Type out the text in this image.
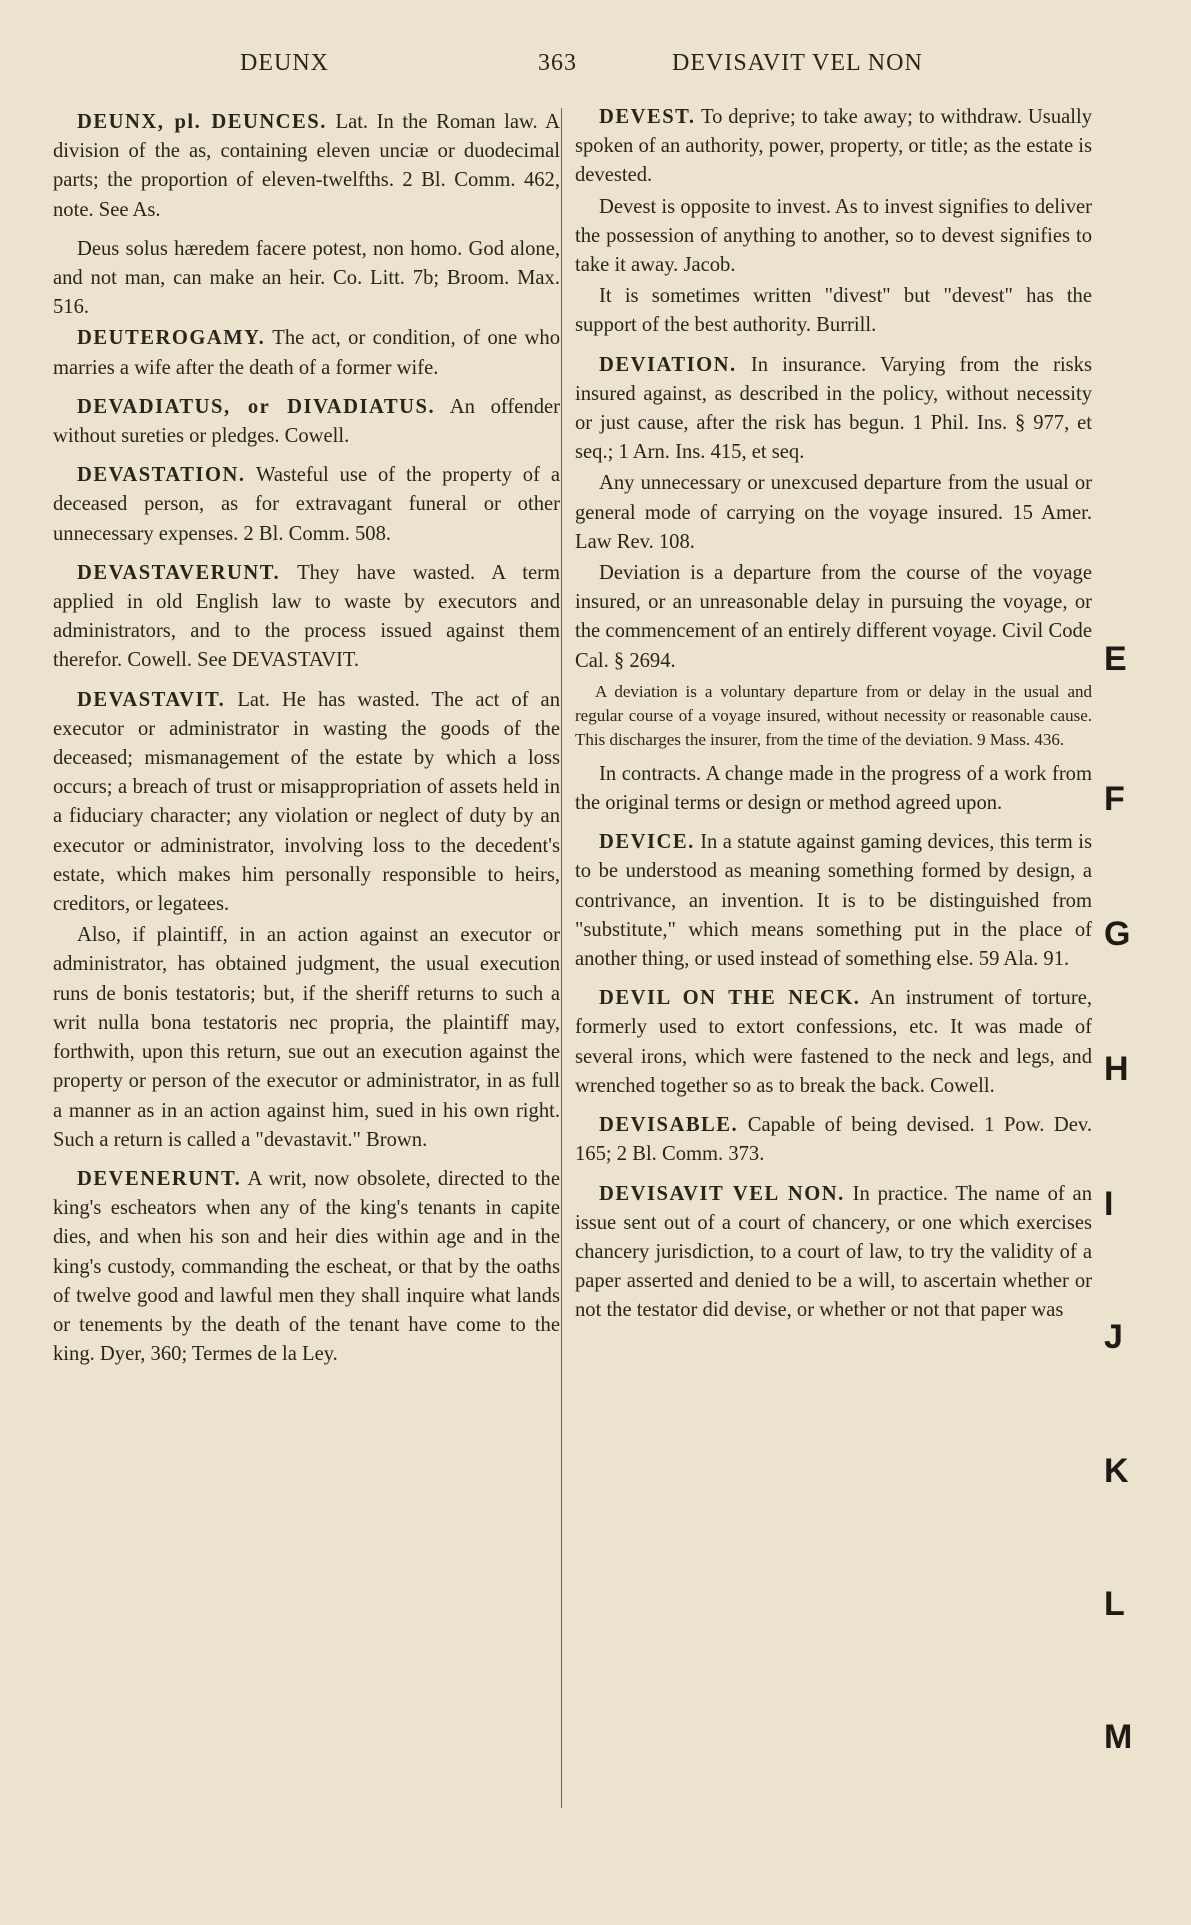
DEUNX	363	DEVISAVIT VEL NON

DEUNX, pl. DEUNCES. Lat. In the Roman law. A division of the as, containing eleven unciæ or duodecimal parts; the proportion of eleven-twelfths. 2 Bl. Comm. 462, note. See As.

Deus solus hæredem facere potest, non homo. God alone, and not man, can make an heir. Co. Litt. 7b; Broom. Max. 516.

DEUTEROGAMY. The act, or condition, of one who marries a wife after the death of a former wife.

DEVADIATUS, or DIVADIATUS. An offender without sureties or pledges. Cowell.

DEVASTATION. Wasteful use of the property of a deceased person, as for extravagant funeral or other unnecessary expenses. 2 Bl. Comm. 508.

DEVASTAVERUNT. They have wasted. A term applied in old English law to waste by executors and administrators, and to the process issued against them therefor. Cowell. See DEVASTAVIT.

DEVASTAVIT. Lat. He has wasted. The act of an executor or administrator in wasting the goods of the deceased; mismanagement of the estate by which a loss occurs; a breach of trust or misappropriation of assets held in a fiduciary character; any violation or neglect of duty by an executor or administrator, involving loss to the decedent's estate, which makes him personally responsible to heirs, creditors, or legatees.

Also, if plaintiff, in an action against an executor or administrator, has obtained judgment, the usual execution runs de bonis testatoris; but, if the sheriff returns to such a writ nulla bona testatoris nec propria, the plaintiff may, forthwith, upon this return, sue out an execution against the property or person of the executor or administrator, in as full a manner as in an action against him, sued in his own right. Such a return is called a "devastavit." Brown.

DEVENERUNT. A writ, now obsolete, directed to the king's escheators when any of the king's tenants in capite dies, and when his son and heir dies within age and in the king's custody, commanding the escheat, or that by the oaths of twelve good and lawful men they shall inquire what lands or tenements by the death of the tenant have come to the king. Dyer, 360; Termes de la Ley.

DEVEST. To deprive; to take away; to withdraw. Usually spoken of an authority, power, property, or title; as the estate is devested.

Devest is opposite to invest. As to invest signifies to deliver the possession of anything to another, so to devest signifies to take it away. Jacob.

It is sometimes written "divest" but "devest" has the support of the best authority. Burrill.

DEVIATION. In insurance. Varying from the risks insured against, as described in the policy, without necessity or just cause, after the risk has begun. 1 Phil. Ins. § 977, et seq.; 1 Arn. Ins. 415, et seq.

Any unnecessary or unexcused departure from the usual or general mode of carrying on the voyage insured. 15 Amer. Law Rev. 108.

Deviation is a departure from the course of the voyage insured, or an unreasonable delay in pursuing the voyage, or the commencement of an entirely different voyage. Civil Code Cal. § 2694.

A deviation is a voluntary departure from or delay in the usual and regular course of a voyage insured, without necessity or reasonable cause. This discharges the insurer, from the time of the deviation. 9 Mass. 436.

In contracts. A change made in the progress of a work from the original terms or design or method agreed upon.

DEVICE. In a statute against gaming devices, this term is to be understood as meaning something formed by design, a contrivance, an invention. It is to be distinguished from "substitute," which means something put in the place of another thing, or used instead of something else. 59 Ala. 91.

DEVIL ON THE NECK. An instrument of torture, formerly used to extort confessions, etc. It was made of several irons, which were fastened to the neck and legs, and wrenched together so as to break the back. Cowell.

DEVISABLE. Capable of being devised. 1 Pow. Dev. 165; 2 Bl. Comm. 373.

DEVISAVIT VEL NON. In practice. The name of an issue sent out of a court of chancery, or one which exercises chancery jurisdiction, to a court of law, to try the validity of a paper asserted and denied to be a will, to ascertain whether or not the testator did devise, or whether or not that paper was

E
F
G
H
I
J
K
L
M
